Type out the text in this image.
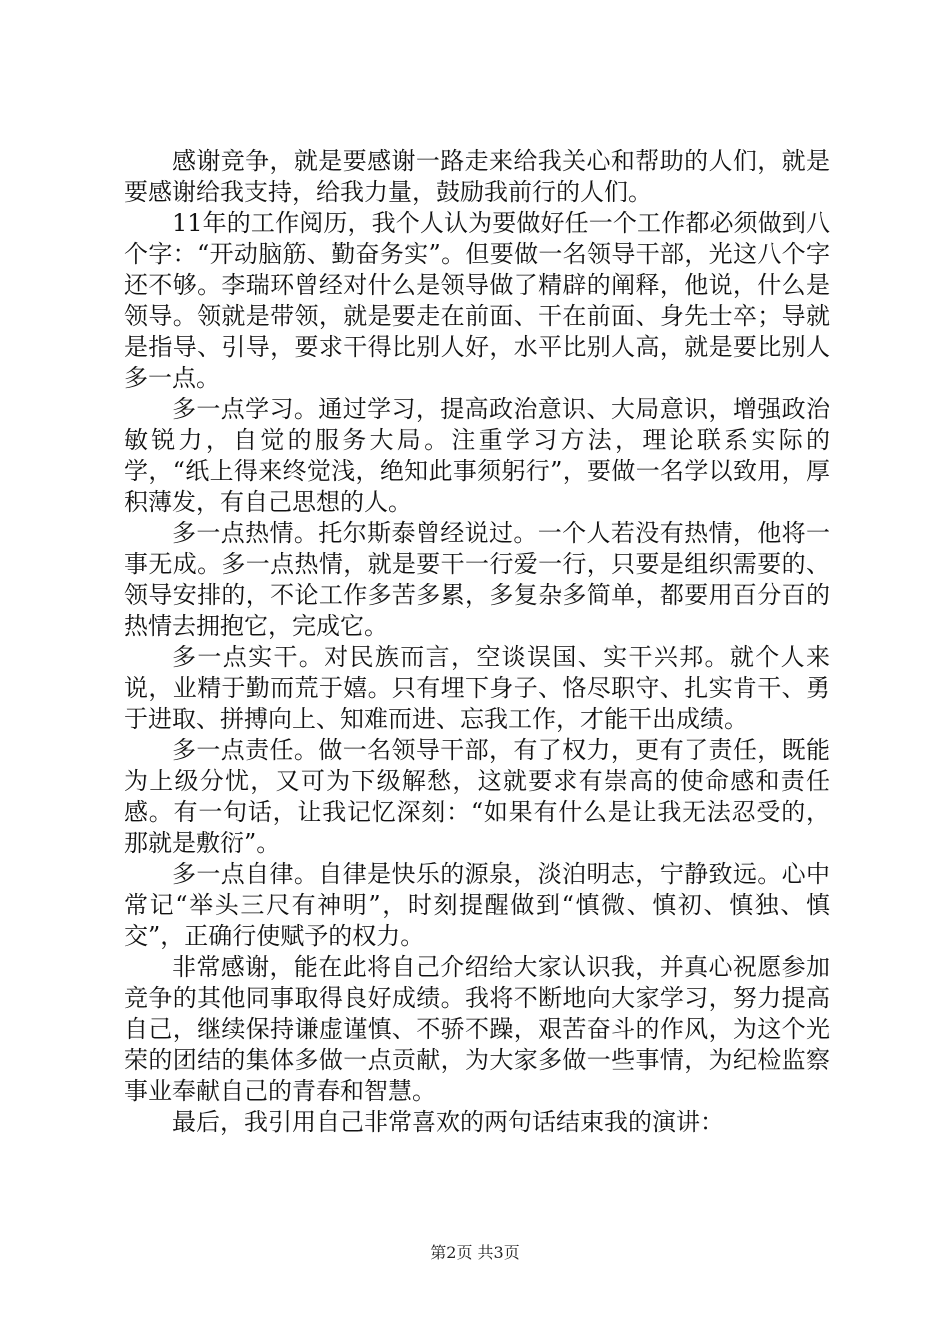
感谢竞争，就是要感谢一路走来给我关心和帮助的人们，就是要感谢给我支持，给我力量，鼓励我前行的人们。

11年的工作阅历，我个人认为要做好任一个工作都必须做到八个字：“开动脑筋、勤奋务实”。但要做一名领导干部，光这八个字还不够。李瑞环曾经对什么是领导做了精辟的阐释，他说，什么是领导。领就是带领，就是要走在前面、干在前面、身先士卒；导就是指导、引导，要求干得比别人好，水平比别人高，就是要比别人多一点。

多一点学习。通过学习，提高政治意识、大局意识，增强政治敏锐力，自觉的服务大局。注重学习方法，理论联系实际的学，“纸上得来终觉浅，绝知此事须躬行”，要做一名学以致用，厚积薄发，有自己思想的人。

多一点热情。托尔斯泰曾经说过。一个人若没有热情，他将一事无成。多一点热情，就是要干一行爱一行，只要是组织需要的、领导安排的，不论工作多苦多累，多复杂多简单，都要用百分百的热情去拥抱它，完成它。

多一点实干。对民族而言，空谈误国、实干兴邦。就个人来说，业精于勤而荒于嬉。只有埋下身子、恪尽职守、扎实肯干、勇于进取、拼搏向上、知难而进、忘我工作，才能干出成绩。

多一点责任。做一名领导干部，有了权力，更有了责任，既能为上级分忧，又可为下级解愁，这就要求有崇高的使命感和责任感。有一句话，让我记忆深刻：“如果有什么是让我无法忍受的，那就是敷衍”。

多一点自律。自律是快乐的源泉，淡泊明志，宁静致远。心中常记“举头三尺有神明”，时刻提醒做到“慎微、慎初、慎独、慎交”，正确行使赋予的权力。

非常感谢，能在此将自己介绍给大家认识我，并真心祝愿参加竞争的其他同事取得良好成绩。我将不断地向大家学习，努力提高自己，继续保持谦虚谨慎、不骄不躁，艰苦奋斗的作风，为这个光荣的团结的集体多做一点贡献，为大家多做一些事情，为纪检监察事业奉献自己的青春和智慧。

最后，我引用自己非常喜欢的两句话结束我的演讲：

第2页 共3页
